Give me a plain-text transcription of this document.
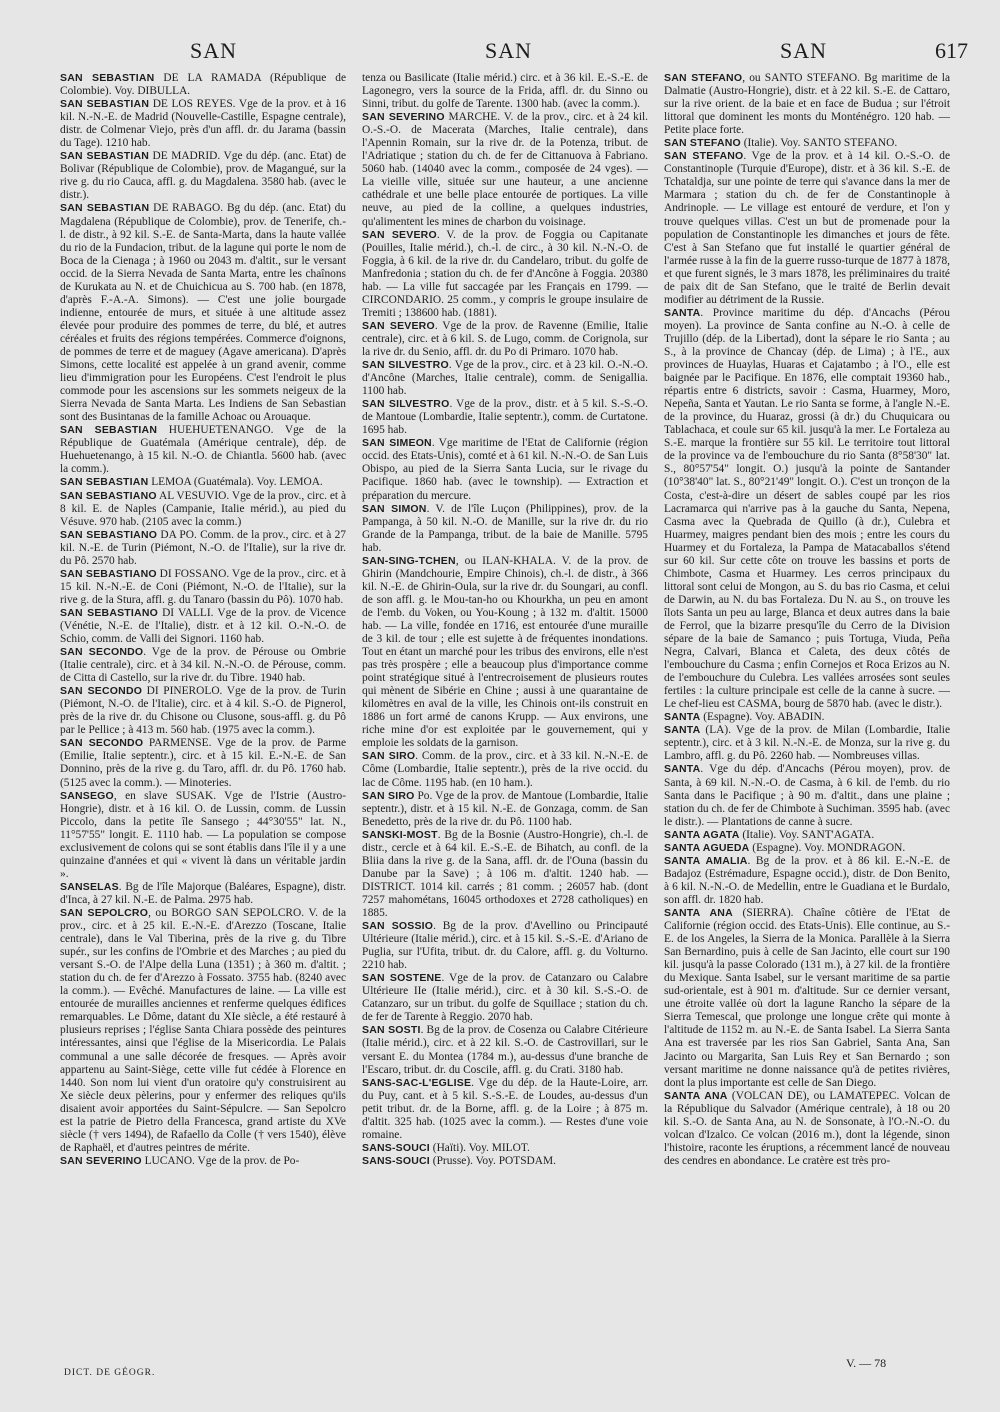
SAN	SAN	SAN	617

SAN SEBASTIAN DE LA RAMADA (République de Colombie). Voy. DIBULLA.

SAN SEBASTIAN DE LOS REYES. Vge de la prov. et à 16 kil. N.-N.-E. de Madrid (Nouvelle-Castille, Espagne centrale), distr. de Colmenar Viejo, près d'un affl. dr. du Jarama (bassin du Tage). 1210 hab.

SAN SEBASTIAN DE MADRID. Vge du dép. (anc. Etat) de Bolivar (République de Colombie), prov. de Magangué, sur la rive g. du rio Cauca, affl. g. du Magdalena. 3580 hab. (avec le distr.).

SAN SEBASTIAN DE RABAGO. Bg du dép. (anc. Etat) du Magdalena (République de Colombie), prov. de Tenerife, ch.-l. de distr., à 92 kil. S.-E. de Santa-Marta, dans la haute vallée du rio de la Fundacion, tribut. de la lagune qui porte le nom de Boca de la Cienaga ; à 1960 ou 2043 m. d'altit., sur le versant occid. de la Sierra Nevada de Santa Marta, entre les chaînons de Kurukata au N. et de Chuichicua au S. 700 hab. (en 1878, d'après F.-A.-A. Simons). — C'est une jolie bourgade indienne, entourée de murs, et située à une altitude assez élevée pour produire des pommes de terre, du blé, et autres céréales et fruits des régions tempérées. Commerce d'oignons, de pommes de terre et de maguey (Agave americana). D'après Simons, cette localité est appelée à un grand avenir, comme lieu d'immigration pour les Européens. C'est l'endroit le plus commode pour les ascensions sur les sommets neigeux de la Sierra Nevada de Santa Marta. Les Indiens de San Sebastian sont des Busintanas de la famille Achoac ou Arouaque.

SAN SEBASTIAN HUEHUETENANGO. Vge de la République de Guatémala (Amérique centrale), dép. de Huehuetenango, à 15 kil. N.-O. de Chiantla. 5600 hab. (avec la comm.).

SAN SEBASTIAN LEMOA (Guatémala). Voy. LEMOA.

SAN SEBASTIANO AL VESUVIO. Vge de la prov., circ. et à 8 kil. E. de Naples (Campanie, Italie mérid.), au pied du Vésuve. 970 hab. (2105 avec la comm.)

SAN SEBASTIANO DA PO. Comm. de la prov., circ. et à 27 kil. N.-E. de Turin (Piémont, N.-O. de l'Italie), sur la rive dr. du Pô. 2570 hab.

SAN SEBASTIANO DI FOSSANO. Vge de la prov., circ. et à 15 kil. N.-N.-E. de Coni (Piémont, N.-O. de l'Italie), sur la rive g. de la Stura, affl. g. du Tanaro (bassin du Pô). 1070 hab.

SAN SEBASTIANO DI VALLI. Vge de la prov. de Vicence (Vénétie, N.-E. de l'Italie), distr. et à 12 kil. O.-N.-O. de Schio, comm. de Valli dei Signori. 1160 hab.

SAN SECONDO. Vge de la prov. de Pérouse ou Ombrie (Italie centrale), circ. et à 34 kil. N.-N.-O. de Pérouse, comm. de Citta di Castello, sur la rive dr. du Tibre. 1940 hab.

SAN SECONDO DI PINEROLO. Vge de la prov. de Turin (Piémont, N.-O. de l'Italie), circ. et à 4 kil. S.-O. de Pignerol, près de la rive dr. du Chisone ou Clusone, sous-affl. g. du Pô par le Pellice ; à 413 m. 560 hab. (1975 avec la comm.).

SAN SECONDO PARMENSE. Vge de la prov. de Parme (Emilie, Italie septentr.), circ. et à 15 kil. E.-N.-E. de San Donnino, près de la rive g. du Taro, affl. dr. du Pô. 1760 hab. (5125 avec la comm.). — Minoteries.

SANSEGO, en slave SUSAK. Vge de l'Istrie (Austro-Hongrie), distr. et à 16 kil. O. de Lussin, comm. de Lussin Piccolo, dans la petite île Sansego ; 44°30'55" lat. N., 11°57'55" longit. E. 1110 hab. — La population se compose exclusivement de colons qui se sont établis dans l'île il y a une quinzaine d'années et qui « vivent là dans un véritable jardin ».

SANSELAS. Bg de l'île Majorque (Baléares, Espagne), distr. d'Inca, à 27 kil. N.-E. de Palma. 2975 hab.

SAN SEPOLCRO, ou BORGO SAN SEPOLCRO. V. de la prov., circ. et à 25 kil. E.-N.-E. d'Arezzo (Toscane, Italie centrale), dans le Val Tiberina, près de la rive g. du Tibre supér., sur les confins de l'Ombrie et des Marches ; au pied du versant S.-O. de l'Alpe della Luna (1351) ; à 360 m. d'altit. ; station du ch. de fer d'Arezzo à Fossato. 3755 hab. (8240 avec la comm.). — Evêché. Manufactures de laine. — La ville est entourée de murailles anciennes et renferme quelques édifices remarquables. Le Dôme, datant du XIe siècle, a été restauré à plusieurs reprises ; l'église Santa Chiara possède des peintures intéressantes, ainsi que l'église de la Misericordia. Le Palais communal a une salle décorée de fresques. — Après avoir appartenu au Saint-Siège, cette ville fut cédée à Florence en 1440. Son nom lui vient d'un oratoire qu'y construisirent au Xe siècle deux pèlerins, pour y enfermer des reliques qu'ils disaient avoir apportées du Saint-Sépulcre. — San Sepolcro est la patrie de Pietro della Francesca, grand artiste du XVe siècle († vers 1494), de Rafaello da Colle († vers 1540), élève de Raphaël, et d'autres peintres de mérite.

SAN SEVERINO LUCANO. Vge de la prov. de Po-

tenza ou Basilicate (Italie mérid.) circ. et à 36 kil. E.-S.-E. de Lagonegro, vers la source de la Frida, affl. dr. du Sinno ou Sinni, tribut. du golfe de Tarente. 1300 hab. (avec la comm.).

SAN SEVERINO MARCHE. V. de la prov., circ. et à 24 kil. O.-S.-O. de Macerata (Marches, Italie centrale), dans l'Apennin Romain, sur la rive dr. de la Potenza, tribut. de l'Adriatique ; station du ch. de fer de Cittanuova à Fabriano. 5060 hab. (14040 avec la comm., composée de 24 vges). — La vieille ville, située sur une hauteur, a une ancienne cathédrale et une belle place entourée de portiques. La ville neuve, au pied de la colline, a quelques industries, qu'alimentent les mines de charbon du voisinage.

SAN SEVERO. V. de la prov. de Foggia ou Capitanate (Pouilles, Italie mérid.), ch.-l. de circ., à 30 kil. N.-N.-O. de Foggia, à 6 kil. de la rive dr. du Candelaro, tribut. du golfe de Manfredonia ; station du ch. de fer d'Ancône à Foggia. 20380 hab. — La ville fut saccagée par les Français en 1799. — CIRCONDARIO. 25 comm., y compris le groupe insulaire de Tremiti ; 138600 hab. (1881).

SAN SEVERO. Vge de la prov. de Ravenne (Emilie, Italie centrale), circ. et à 6 kil. S. de Lugo, comm. de Corignola, sur la rive dr. du Senio, affl. dr. du Po di Primaro. 1070 hab.

SAN SILVESTRO. Vge de la prov., circ. et à 23 kil. O.-N.-O. d'Ancône (Marches, Italie centrale), comm. de Senigallia. 1100 hab.

SAN SILVESTRO. Vge de la prov., distr. et à 5 kil. S.-S.-O. de Mantoue (Lombardie, Italie septentr.), comm. de Curtatone. 1695 hab.

SAN SIMEON. Vge maritime de l'Etat de Californie (région occid. des Etats-Unis), comté et à 61 kil. N.-N.-O. de San Luis Obispo, au pied de la Sierra Santa Lucia, sur le rivage du Pacifique. 1860 hab. (avec le township). — Extraction et préparation du mercure.

SAN SIMON. V. de l'île Luçon (Philippines), prov. de la Pampanga, à 50 kil. N.-O. de Manille, sur la rive dr. du rio Grande de la Pampanga, tribut. de la baie de Manille. 5795 hab.

SAN-SING-TCHEN, ou ILAN-KHALA. V. de la prov. de Ghirin (Mandchourie, Empire Chinois), ch.-l. de distr., à 366 kil. N.-E. de Ghirin-Oula, sur la rive dr. du Soungari, au confl. de son affl. g. le Mou-tan-ho ou Khourkha, un peu en amont de l'emb. du Voken, ou You-Koung ; à 132 m. d'altit. 15000 hab. — La ville, fondée en 1716, est entourée d'une muraille de 3 kil. de tour ; elle est sujette à de fréquentes inondations. Tout en étant un marché pour les tribus des environs, elle n'est pas très prospère ; elle a beaucoup plus d'importance comme point stratégique situé à l'entrecroisement de plusieurs routes qui mènent de Sibérie en Chine ; aussi à une quarantaine de kilomètres en aval de la ville, les Chinois ont-ils construit en 1886 un fort armé de canons Krupp. — Aux environs, une riche mine d'or est exploitée par le gouvernement, qui y emploie les soldats de la garnison.

SAN SIRO. Comm. de la prov., circ. et à 33 kil. N.-N.-E. de Côme (Lombardie, Italie septentr.), près de la rive occid. du lac de Côme. 1195 hab. (en 10 ham.).

SAN SIRO Po. Vge de la prov. de Mantoue (Lombardie, Italie septentr.), distr. et à 15 kil. N.-E. de Gonzaga, comm. de San Benedetto, près de la rive dr. du Pô. 1100 hab.

SANSKI-MOST. Bg de la Bosnie (Austro-Hongrie), ch.-l. de distr., cercle et à 64 kil. E.-S.-E. de Bihatch, au confl. de la Bliia dans la rive g. de la Sana, affl. dr. de l'Ouna (bassin du Danube par la Save) ; à 106 m. d'altit. 1240 hab. — DISTRICT. 1014 kil. carrés ; 81 comm. ; 26057 hab. (dont 7257 mahométans, 16045 orthodoxes et 2728 catholiques) en 1885.

SAN SOSSIO. Bg de la prov. d'Avellino ou Principauté Ultérieure (Italie mérid.), circ. et à 15 kil. S.-S.-E. d'Ariano de Puglia, sur l'Ufita, tribut. dr. du Calore, affl. g. du Volturno. 2210 hab.

SAN SOSTENE. Vge de la prov. de Catanzaro ou Calabre Ultérieure IIe (Italie mérid.), circ. et à 30 kil. S.-S.-O. de Catanzaro, sur un tribut. du golfe de Squillace ; station du ch. de fer de Tarente à Reggio. 2070 hab.

SAN SOSTI. Bg de la prov. de Cosenza ou Calabre Citérieure (Italie mérid.), circ. et à 22 kil. S.-O. de Castrovillari, sur le versant E. du Montea (1784 m.), au-dessus d'une branche de l'Escaro, tribut. dr. du Coscile, affl. g. du Crati. 3180 hab.

SANS-SAC-L'EGLISE. Vge du dép. de la Haute-Loire, arr. du Puy, cant. et à 5 kil. S.-S.-E. de Loudes, au-dessus d'un petit tribut. dr. de la Borne, affl. g. de la Loire ; à 875 m. d'altit. 325 hab. (1025 avec la comm.). — Restes d'une voie romaine.

SANS-SOUCI (Haïti). Voy. MILOT.

SANS-SOUCI (Prusse). Voy. POTSDAM.

SAN STEFANO, ou SANTO STEFANO. Bg maritime de la Dalmatie (Austro-Hongrie), distr. et à 22 kil. S.-E. de Cattaro, sur la rive orient. de la baie et en face de Budua ; sur l'étroit littoral que dominent les monts du Monténégro. 120 hab. — Petite place forte.

SAN STEFANO (Italie). Voy. SANTO STEFANO.

SAN STEFANO. Vge de la prov. et à 14 kil. O.-S.-O. de Constantinople (Turquie d'Europe), distr. et à 36 kil. S.-E. de Tchataldja, sur une pointe de terre qui s'avance dans la mer de Marmara ; station du ch. de fer de Constantinople à Andrinople. — Le village est entouré de verdure, et l'on y trouve quelques villas. C'est un but de promenade pour la population de Constantinople les dimanches et jours de fête. C'est à San Stefano que fut installé le quartier général de l'armée russe à la fin de la guerre russo-turque de 1877 à 1878, et que furent signés, le 3 mars 1878, les préliminaires du traité de paix dit de San Stefano, que le traité de Berlin devait modifier au détriment de la Russie.

SANTA. Province maritime du dép. d'Ancachs (Pérou moyen). La province de Santa confine au N.-O. à celle de Trujillo (dép. de la Libertad), dont la sépare le rio Santa ; au S., à la province de Chancay (dép. de Lima) ; à l'E., aux provinces de Huaylas, Huaras et Cajatambo ; à l'O., elle est baignée par le Pacifique. En 1876, elle comptait 19360 hab., répartis entre 6 districts, savoir : Casma, Huarmey, Moro, Nepeña, Santa et Yautan. Le rio Santa se forme, à l'angle N.-E. de la province, du Huaraz, grossi (à dr.) du Chuquicara ou Tablachaca, et coule sur 65 kil. jusqu'à la mer. Le Fortaleza au S.-E. marque la frontière sur 55 kil. Le territoire tout littoral de la province va de l'embouchure du rio Santa (8°58'30" lat. S., 80°57'54" longit. O.) jusqu'à la pointe de Santander (10°38'40" lat. S., 80°21'49" longit. O.). C'est un tronçon de la Costa, c'est-à-dire un désert de sables coupé par les rios Lacramarca qui n'arrive pas à la gauche du Santa, Nepena, Casma avec la Quebrada de Quillo (à dr.), Culebra et Huarmey, maigres pendant bien des mois ; entre les cours du Huarmey et du Fortaleza, la Pampa de Matacaballos s'étend sur 60 kil. Sur cette côte on trouve les bassins et ports de Chimbote, Casma et Huarmey. Les cerros principaux du littoral sont celui de Mongon, au S. du bas rio Casma, et celui de Darwin, au N. du bas Fortaleza. Du N. au S., on trouve les îlots Santa un peu au large, Blanca et deux autres dans la baie de Ferrol, que la bizarre presqu'île du Cerro de la Division sépare de la baie de Samanco ; puis Tortuga, Viuda, Peña Negra, Calvari, Blanca et Caleta, des deux côtés de l'embouchure du Casma ; enfin Cornejos et Roca Erizos au N. de l'embouchure du Culebra. Les vallées arrosées sont seules fertiles : la culture principale est celle de la canne à sucre. — Le chef-lieu est CASMA, bourg de 5870 hab. (avec le distr.).

SANTA (Espagne). Voy. ABADIN.

SANTA (LA). Vge de la prov. de Milan (Lombardie, Italie septentr.), circ. et à 3 kil. N.-N.-E. de Monza, sur la rive g. du Lambro, affl. g. du Pô. 2260 hab. — Nombreuses villas.

SANTA. Vge du dép. d'Ancachs (Pérou moyen), prov. de Santa, à 69 kil. N.-N.-O. de Casma, à 6 kil. de l'emb. du rio Santa dans le Pacifique ; à 90 m. d'altit., dans une plaine ; station du ch. de fer de Chimbote à Suchiman. 3595 hab. (avec le distr.). — Plantations de canne à sucre.

SANTA AGATA (Italie). Voy. SANT'AGATA.

SANTA AGUEDA (Espagne). Voy. MONDRAGON.

SANTA AMALIA. Bg de la prov. et à 86 kil. E.-N.-E. de Badajoz (Estrémadure, Espagne occid.), distr. de Don Benito, à 6 kil. N.-N.-O. de Medellin, entre le Guadiana et le Burdalo, son affl. dr. 1820 hab.

SANTA ANA (SIERRA). Chaîne côtière de l'Etat de Californie (région occid. des Etats-Unis). Elle continue, au S.-E. de los Angeles, la Sierra de la Monica. Parallèle à la Sierra San Bernardino, puis à celle de San Jacinto, elle court sur 190 kil. jusqu'à la passe Colorado (131 m.), à 27 kil. de la frontière du Mexique. Santa Isabel, sur le versant maritime de sa partie sud-orientale, est à 901 m. d'altitude. Sur ce dernier versant, une étroite vallée où dort la lagune Rancho la sépare de la Sierra Temescal, que prolonge une longue crête qui monte à l'altitude de 1152 m. au N.-E. de Santa Isabel. La Sierra Santa Ana est traversée par les rios San Gabriel, Santa Ana, San Jacinto ou Margarita, San Luis Rey et San Bernardo ; son versant maritime ne donne naissance qu'à de petites rivières, dont la plus importante est celle de San Diego.

SANTA ANA (VOLCAN DE), ou LAMATEPEC. Volcan de la République du Salvador (Amérique centrale), à 18 ou 20 kil. S.-O. de Santa Ana, au N. de Sonsonate, à l'O.-N.-O. du volcan d'Izalco. Ce volcan (2016 m.), dont la légende, sinon l'histoire, raconte les éruptions, a récemment lancé de nouveau des cendres en abondance. Le cratère est très pro-

DICT. DE GÉOGR.
V. — 78
